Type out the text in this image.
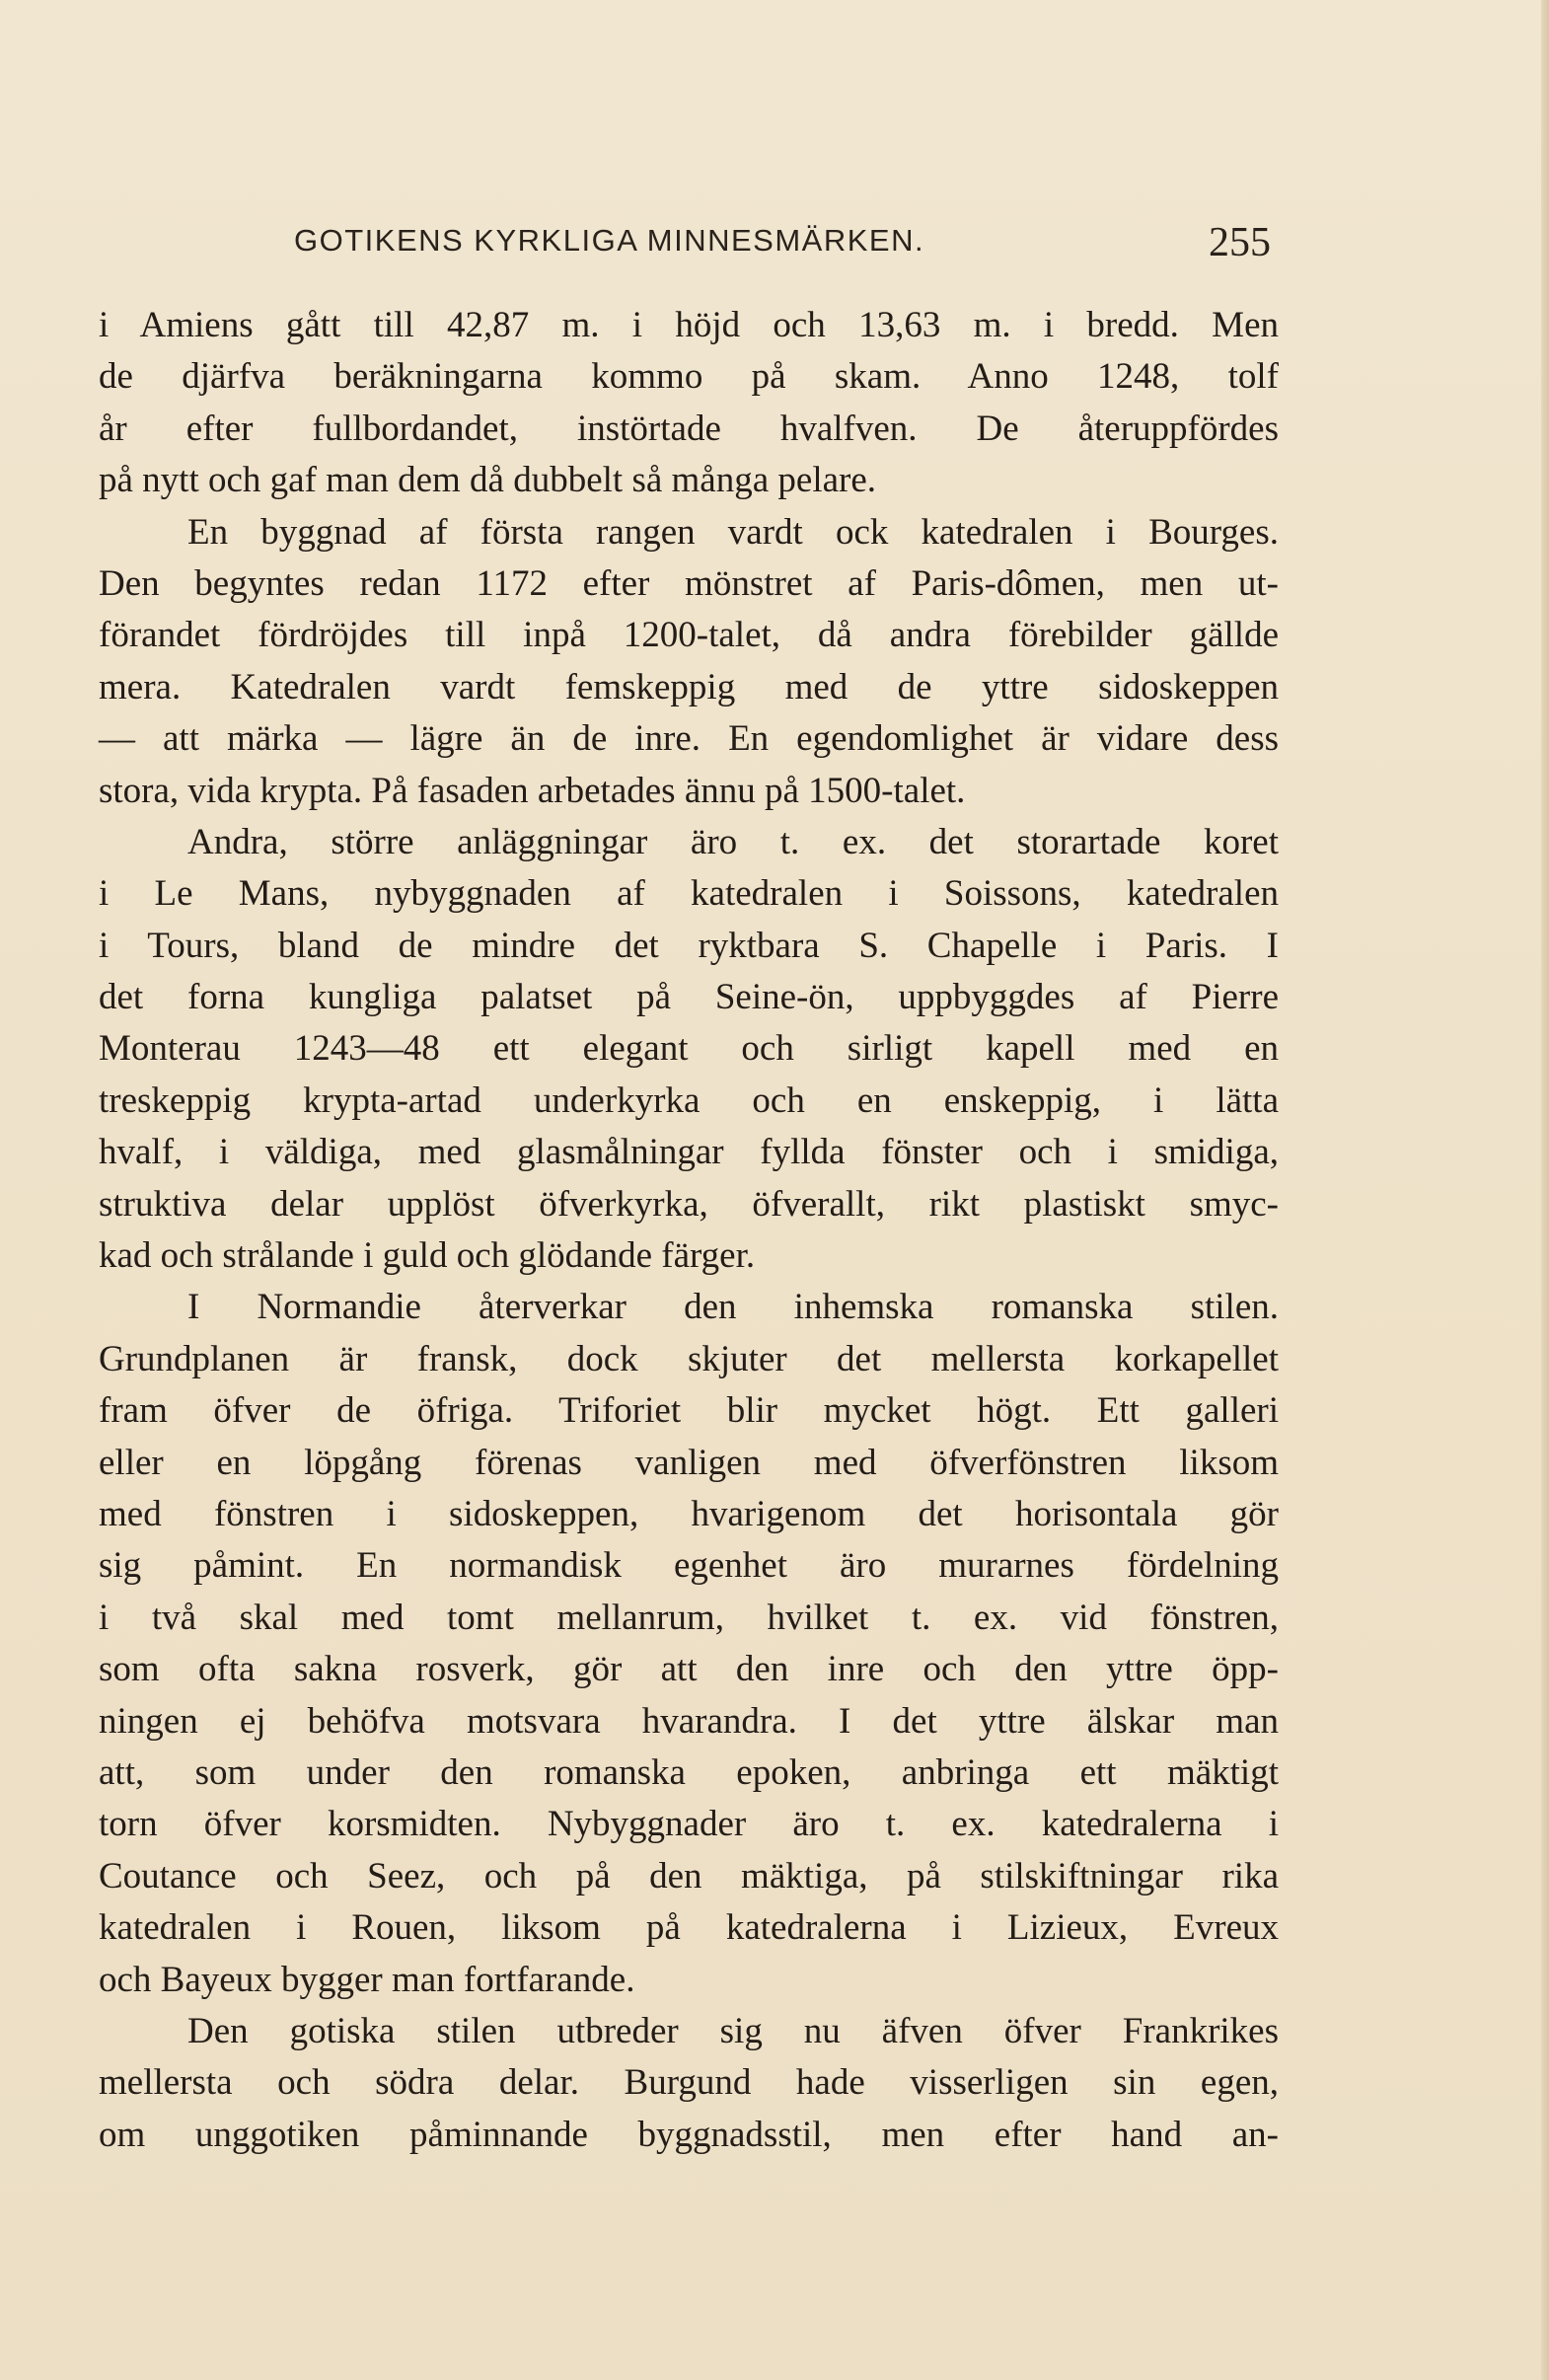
GOTIKENS KYRKLIGA MINNESMÄRKEN.	255
i Amiens gått till 42,87 m. i höjd och 13,63 m. i bredd. Men
de djärfva beräkningarna kommo på skam. Anno 1248, tolf
år efter fullbordandet, instörtade hvalfven. De återuppfördes
på nytt och gaf man dem då dubbelt så många pelare.
En byggnad af första rangen vardt ock katedralen i Bourges.
Den begyntes redan 1172 efter mönstret af Paris-dômen, men ut-
förandet fördröjdes till inpå 1200-talet, då andra förebilder gällde
mera. Katedralen vardt femskeppig med de yttre sidoskeppen
— att märka — lägre än de inre. En egendomlighet är vidare dess
stora, vida krypta. På fasaden arbetades ännu på 1500-talet.
Andra, större anläggningar äro t. ex. det storartade koret
i Le Mans, nybyggnaden af katedralen i Soissons, katedralen
i Tours, bland de mindre det ryktbara S. Chapelle i Paris. I
det forna kungliga palatset på Seine-ön, uppbyggdes af Pierre
Monterau 1243—48 ett elegant och sirligt kapell med en
treskeppig krypta-artad underkyrka och en enskeppig, i lätta
hvalf, i väldiga, med glasmålningar fyllda fönster och i smidiga,
struktiva delar upplöst öfverkyrka, öfverallt, rikt plastiskt smyc-
kad och strålande i guld och glödande färger.
I Normandie återverkar den inhemska romanska stilen.
Grundplanen är fransk, dock skjuter det mellersta korkapellet
fram öfver de öfriga. Triforiet blir mycket högt. Ett galleri
eller en löpgång förenas vanligen med öfverfönstren liksom
med fönstren i sidoskeppen, hvarigenom det horisontala gör
sig påmint. En normandisk egenhet äro murarnes fördelning
i två skal med tomt mellanrum, hvilket t. ex. vid fönstren,
som ofta sakna rosverk, gör att den inre och den yttre öpp-
ningen ej behöfva motsvara hvarandra. I det yttre älskar man
att, som under den romanska epoken, anbringa ett mäktigt
torn öfver korsmidten. Nybyggnader äro t. ex. katedralerna i
Coutance och Seez, och på den mäktiga, på stilskiftningar rika
katedralen i Rouen, liksom på katedralerna i Lizieux, Evreux
och Bayeux bygger man fortfarande.
Den gotiska stilen utbreder sig nu äfven öfver Frankrikes
mellersta och södra delar. Burgund hade visserligen sin egen,
om unggotiken påminnande byggnadsstil, men efter hand an-
